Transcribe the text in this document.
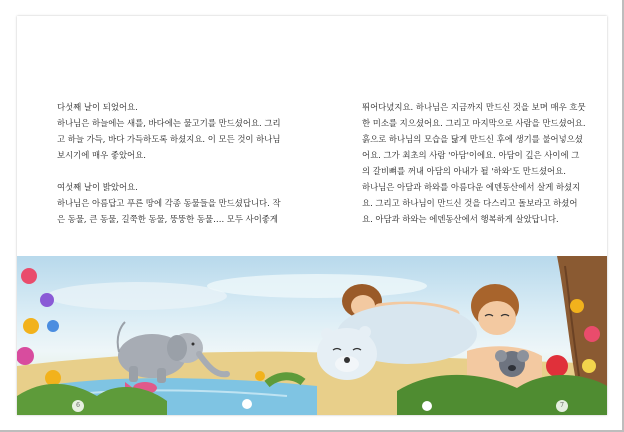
다섯째 날이 되었어요.

하나님은 하늘에는 새를, 바다에는 물고기를 만드셨어요. 그리

고 하늘 가득, 바다 가득하도록 하셨지요. 이 모든 것이 하나님

보시기에 매우 좋았어요.

여섯째 날이 밝았어요.

하나님은 아름답고 푸른 땅에 각종 동물들을 만드셨답니다. 작

은 동물, 큰 동물, 길쭉한 동물, 뚱뚱한 동물…. 모두 사이좋게

뛰어다녔지요. 하나님은 지금까지 만드신 것을 보며 매우 흐뭇

한 미소를 지으셨어요. 그리고 마지막으로 사람을 만드셨어요.

흙으로 하나님의 모습을 닮게 만드신 후에 생기를 불어넣으셨

어요. 그가 최초의 사람 '아담'이에요. 아담이 깊은 사이에 그

의 갈비뼈를 꺼내 아담의 아내가 될 '하와'도 만드셨어요.

하나님은 아담과 하와를 아름다운 에덴동산에서 살게 하셨지

요. 그리고 하나님이 만드신 것을 다스리고 돌보라고 하셨어

요. 아담과 하와는 에덴동산에서 행복하게 살았답니다.

6	7
